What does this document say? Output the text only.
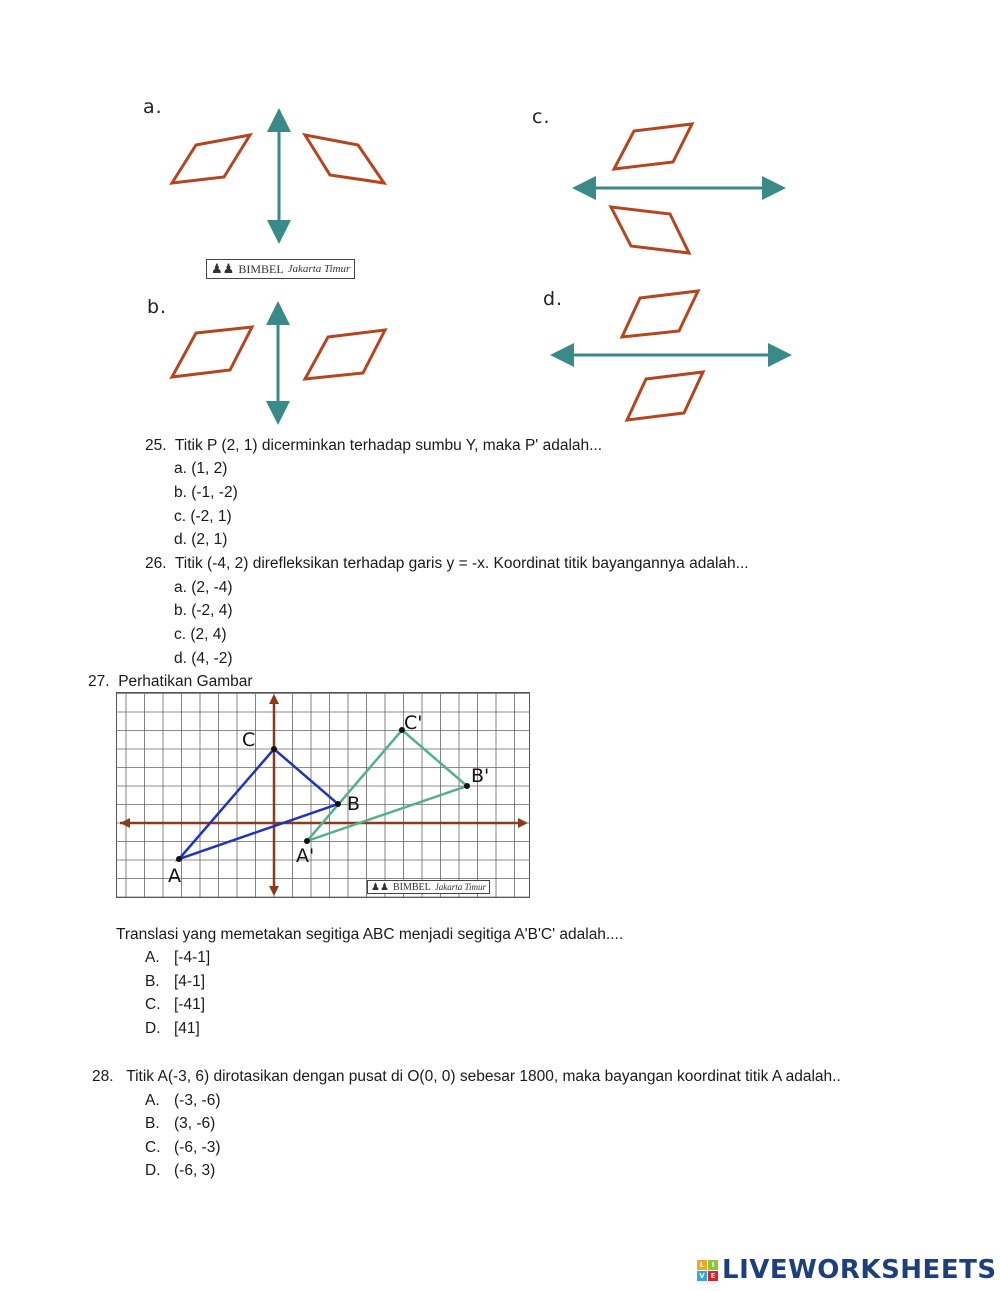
a.	c.
b.	d.
♟♟ BIMBEL Jakarta Timur
25. Titik P (2, 1) dicerminkan terhadap sumbu Y, maka P' adalah...
a. (1, 2)
b. (-1, -2)
c. (-2, 1)
d. (2, 1)
26. Titik (-4, 2) direfleksikan terhadap garis y = -x. Koordinat titik bayangannya adalah...
a. (2, -4)
b. (-2, 4)
c. (2, 4)
d. (4, -2)
27. Perhatikan Gambar
A
C
B
A'
C'
B'
♟♟ BIMBEL Jakarta Timur
Translasi yang memetakan segitiga ABC menjadi segitiga A'B'C' adalah....
A. [-4-1]
B. [4-1]
C. [-41]
D. [41]
28. Titik A(-3, 6) dirotasikan dengan pusat di O(0, 0) sebesar 1800, maka bayangan koordinat titik A adalah..
A. (-3, -6)
B. (3, -6)
C. (-6, -3)
D. (-6, 3)
L	I
V E LIVEWORKSHEETS
